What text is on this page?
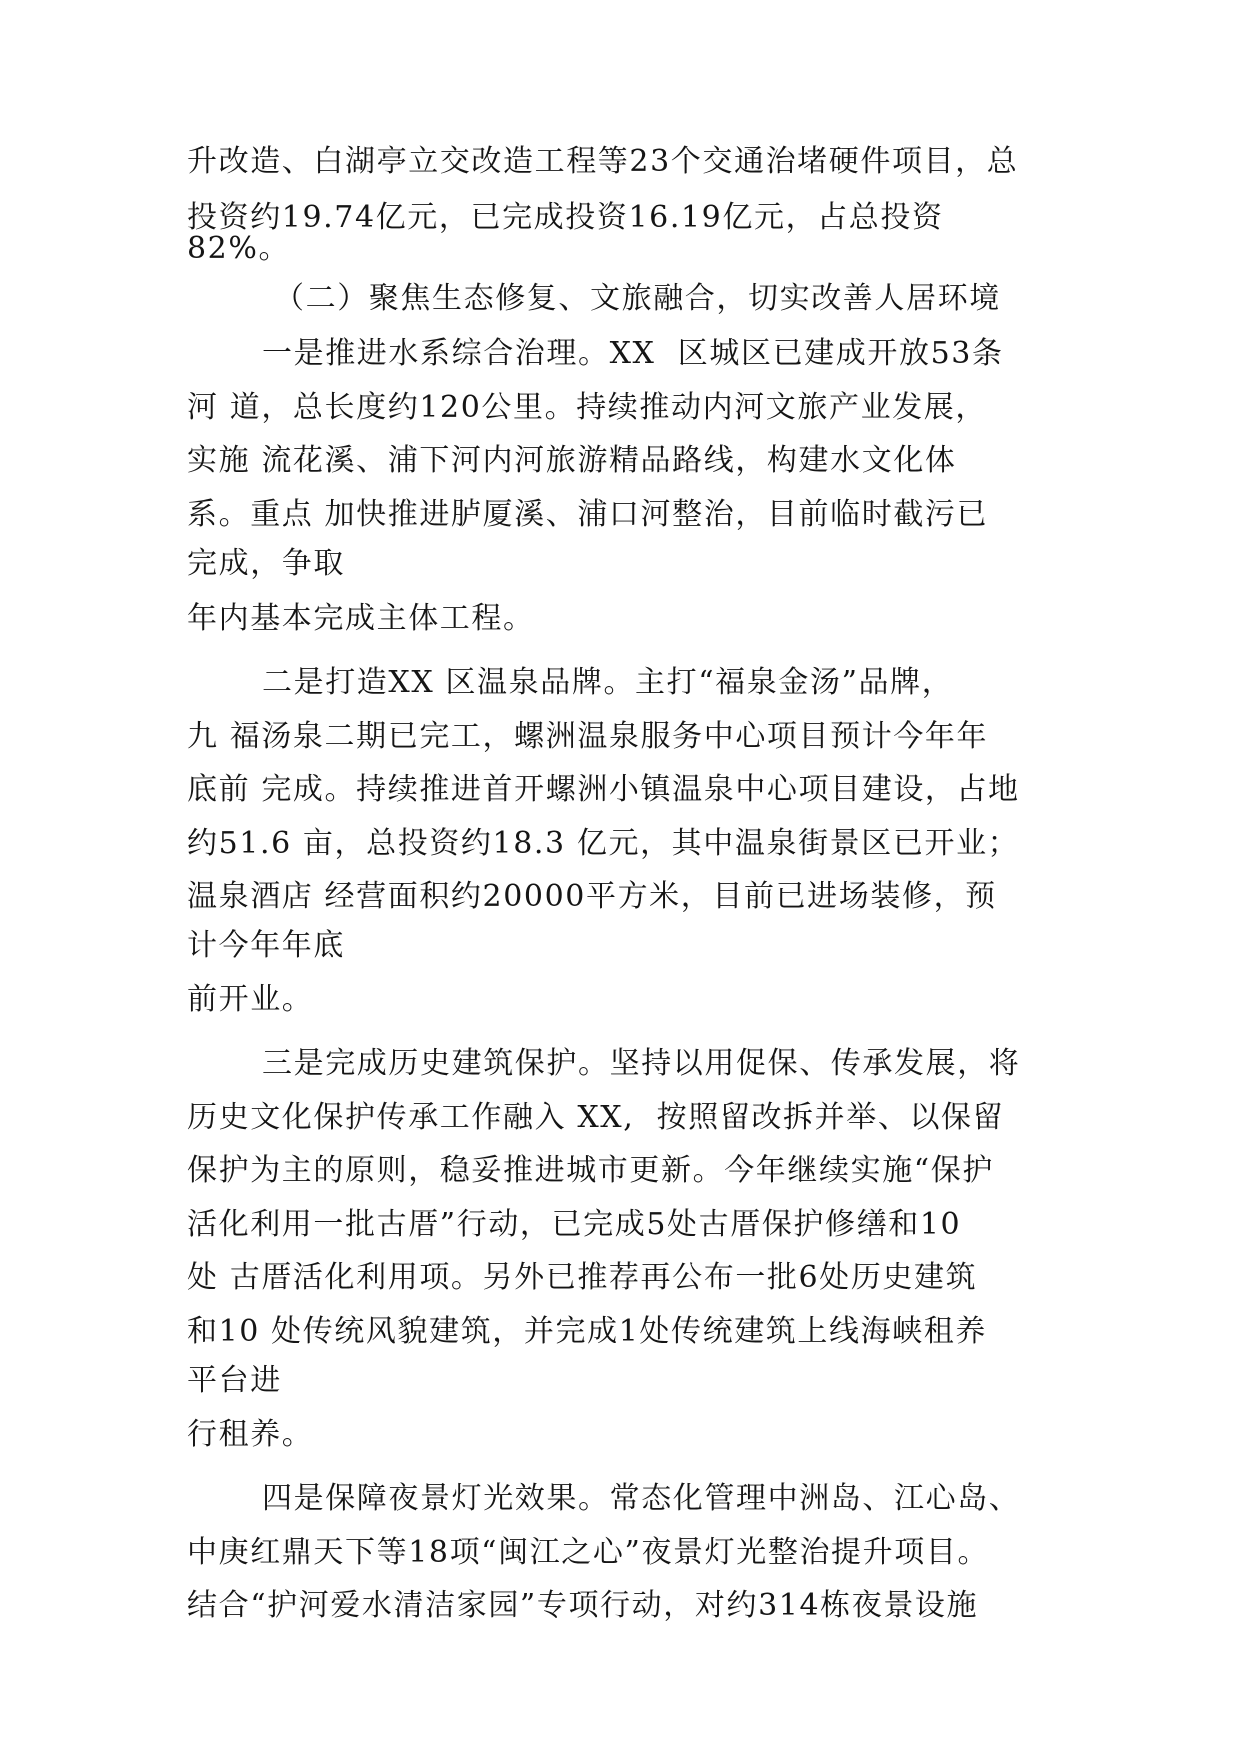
升改造、白湖亭立交改造工程等23个交通治堵硬件项目，总

投资约19.74亿元，已完成投资16.19亿元，占总投资

82%。

（二）聚焦生态修复、文旅融合，切实改善人居环境

一是推进水系综合治理。XX  区城区已建成开放53条

河 道，总长度约120公里。持续推动内河文旅产业发展，

实施 流花溪、浦下河内河旅游精品路线，构建水文化体

系。重点 加快推进胪厦溪、浦口河整治，目前临时截污已

完成，争取

年内基本完成主体工程。

二是打造XX 区温泉品牌。主打“福泉金汤”品牌，

九 福汤泉二期已完工，螺洲温泉服务中心项目预计今年年

底前 完成。持续推进首开螺洲小镇温泉中心项目建设，占地

约51.6 亩，总投资约18.3 亿元，其中温泉街景区已开业；

温泉酒店 经营面积约20000平方米，目前已进场装修，预

计今年年底

前开业。

三是完成历史建筑保护。坚持以用促保、传承发展，将

历史文化保护传承工作融入 XX,  按照留改拆并举、以保留

保护为主的原则，稳妥推进城市更新。今年继续实施“保护

活化利用一批古厝”行动，已完成5处古厝保护修缮和10

处 古厝活化利用项。另外已推荐再公布一批6处历史建筑

和10 处传统风貌建筑，并完成1处传统建筑上线海峡租养

平台进

行租养。

四是保障夜景灯光效果。常态化管理中洲岛、江心岛、

中庚红鼎天下等18项“闽江之心”夜景灯光整治提升项目。

结合“护河爱水清洁家园”专项行动，对约314栋夜景设施
